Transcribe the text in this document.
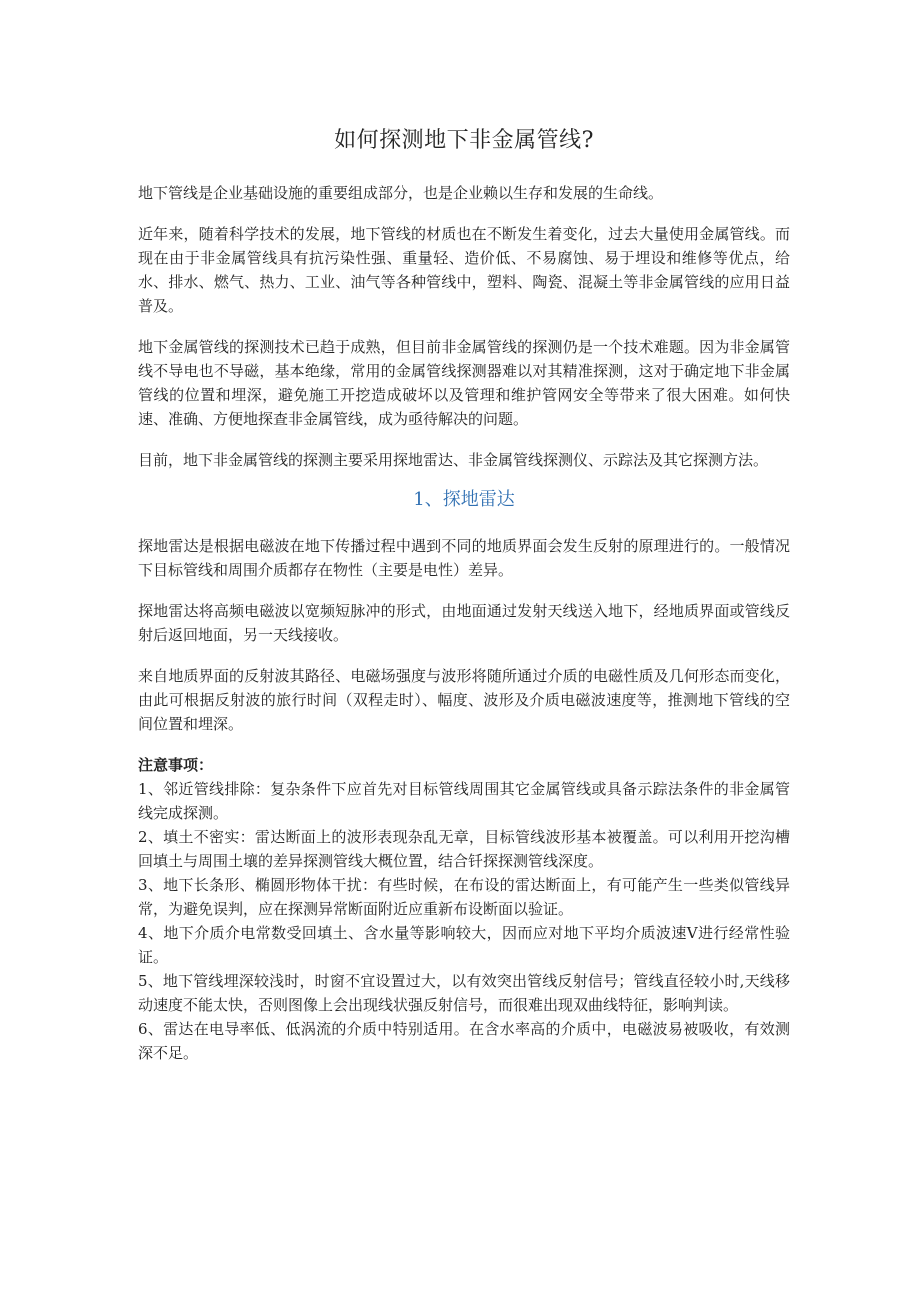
如何探测地下非金属管线?

地下管线是企业基础设施的重要组成部分，也是企业赖以生存和发展的生命线。

近年来，随着科学技术的发展，地下管线的材质也在不断发生着变化，过去大量使用金属管线。而现在由于非金属管线具有抗污染性强、重量轻、造价低、不易腐蚀、易于埋设和维修等优点，给水、排水、燃气、热力、工业、油气等各种管线中，塑料、陶瓷、混凝土等非金属管线的应用日益普及。

地下金属管线的探测技术已趋于成熟，但目前非金属管线的探测仍是一个技术难题。因为非金属管线不导电也不导磁，基本绝缘，常用的金属管线探测器难以对其精准探测，这对于确定地下非金属管线的位置和埋深，避免施工开挖造成破坏以及管理和维护管网安全等带来了很大困难。如何快速、准确、方便地探查非金属管线，成为亟待解决的问题。

目前，地下非金属管线的探测主要采用探地雷达、非金属管线探测仪、示踪法及其它探测方法。

1、探地雷达

探地雷达是根据电磁波在地下传播过程中遇到不同的地质界面会发生反射的原理进行的。一般情况下目标管线和周围介质都存在物性（主要是电性）差异。

探地雷达将高频电磁波以宽频短脉冲的形式，由地面通过发射天线送入地下，经地质界面或管线反射后返回地面，另一天线接收。

来自地质界面的反射波其路径、电磁场强度与波形将随所通过介质的电磁性质及几何形态而变化，由此可根据反射波的旅行时间（双程走时）、幅度、波形及介质电磁波速度等，推测地下管线的空间位置和埋深。

注意事项：

1、邻近管线排除：复杂条件下应首先对目标管线周围其它金属管线或具备示踪法条件的非金属管线完成探测。

2、填土不密实：雷达断面上的波形表现杂乱无章，目标管线波形基本被覆盖。可以利用开挖沟槽回填土与周围土壤的差异探测管线大概位置，结合钎探探测管线深度。

3、地下长条形、椭圆形物体干扰：有些时候，在布设的雷达断面上，有可能产生一些类似管线异常，为避免误判，应在探测异常断面附近应重新布设断面以验证。

4、地下介质介电常数受回填土、含水量等影响较大，因而应对地下平均介质波速V进行经常性验证。

5、地下管线埋深较浅时，时窗不宜设置过大，以有效突出管线反射信号；管线直径较小时,天线移动速度不能太快，否则图像上会出现线状强反射信号，而很难出现双曲线特征，影响判读。

6、雷达在电导率低、低涡流的介质中特别适用。在含水率高的介质中，电磁波易被吸收，有效测深不足。
